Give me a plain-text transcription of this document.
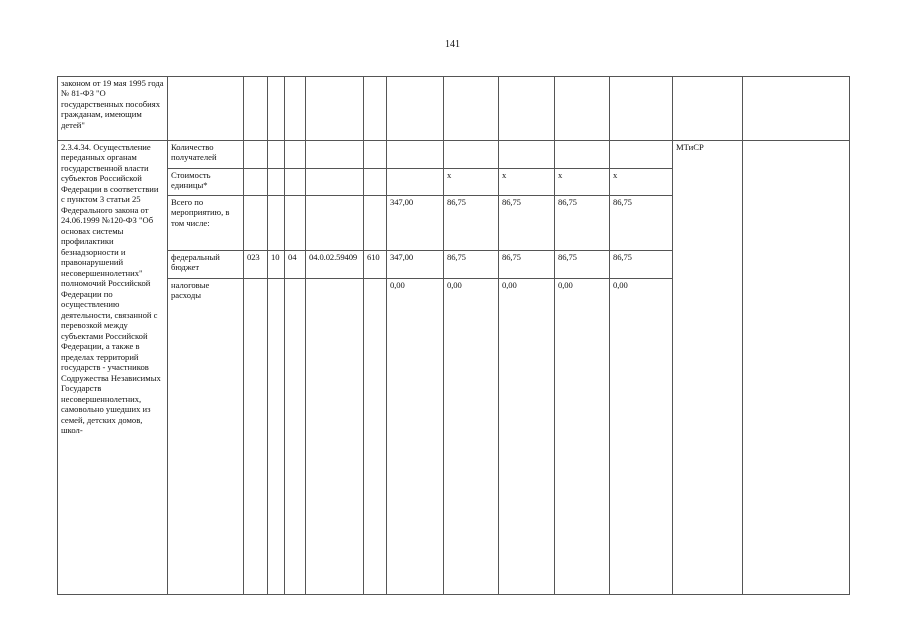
141
законом от 19 мая 1995 года № 81-ФЗ "О государственных пособиях гражданам, имеющим детей"													
2.3.4.34. Осуществление переданных органам государственной власти субъектов Российской Федерации в соответствии с пунктом 3 статьи 25 Федерального закона от 24.06.1999 №120-ФЗ "Об основах системы профилактики безнадзорности и правонарушений несовершеннолетних" полномочий Российской Федерации по осуществлению деятельности, связанной с перевозкой между субъектами Российской Федерации, а также в пределах территорий государств - участников Содружества Независимых Государств несовершеннолетних, самовольно ушедших из семей, детских домов, школ-	Количество получателей											МТиСР	
	Стоимость единицы*							х	х	х	х		
	Всего по мероприятию, в том числе:						347,00	86,75	86,75	86,75	86,75		
	федеральный бюджет	023	10	04	04.0.02.59409	610	347,00	86,75	86,75	86,75	86,75		
	налоговые расходы						0,00	0,00	0,00	0,00	0,00		
